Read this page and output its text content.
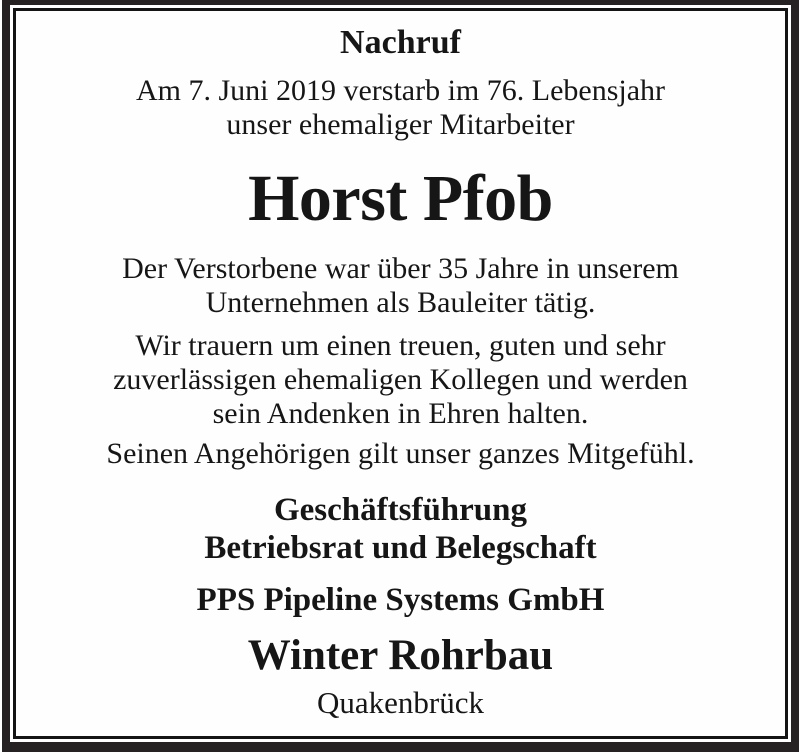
Nachruf
Am 7. Juni 2019 verstarb im 76. Lebensjahr
unser ehemaliger Mitarbeiter
Horst Pfob
Der Verstorbene war über 35 Jahre in unserem
Unternehmen als Bauleiter tätig.
Wir trauern um einen treuen, guten und sehr
zuverlässigen ehemaligen Kollegen und werden
sein Andenken in Ehren halten.
Seinen Angehörigen gilt unser ganzes Mitgefühl.
Geschäftsführung
Betriebsrat und Belegschaft
PPS Pipeline Systems GmbH
Winter Rohrbau
Quakenbrück
